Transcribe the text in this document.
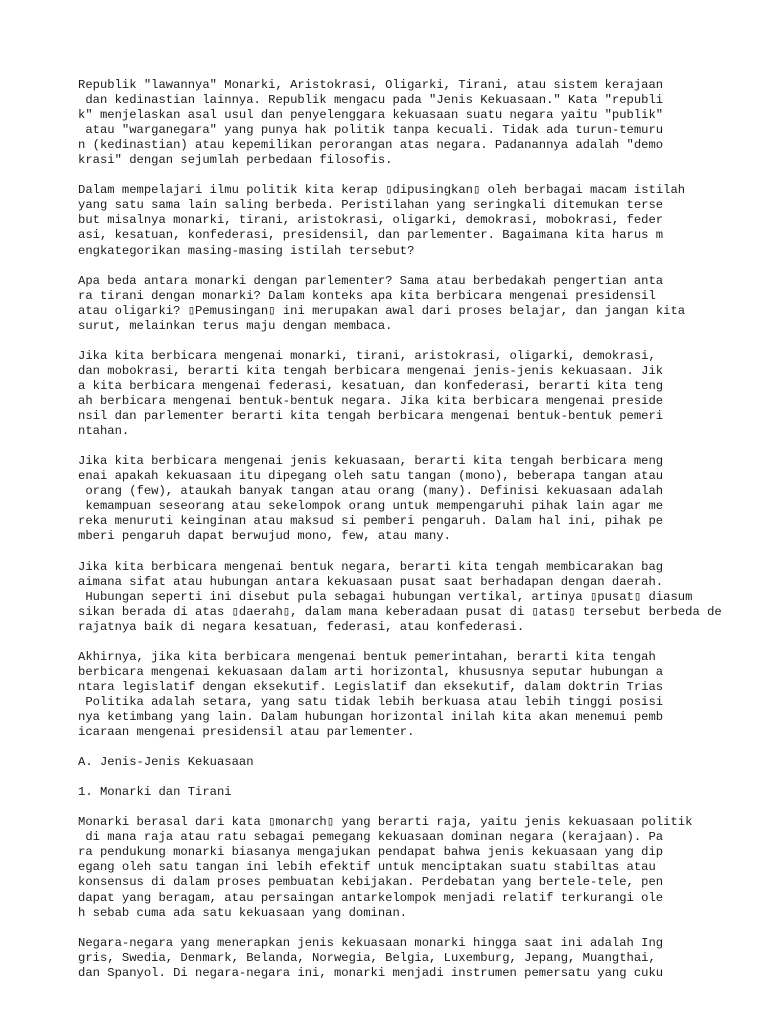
Republik "lawannya" Monarki, Aristokrasi, Oligarki, Tirani, atau sistem kerajaan
dan kedinastian lainnya. Republik mengacu pada "Jenis Kekuasaan." Kata "republi
k" menjelaskan asal usul dan penyelenggara kekuasaan suatu negara yaitu "publik"
atau "warganegara" yang punya hak politik tanpa kecuali. Tidak ada turun-temuru
n (kedinastian) atau kepemilikan perorangan atas negara. Padanannya adalah "demo
krasi" dengan sejumlah perbedaan filosofis.
Dalam mempelajari ilmu politik kita kerap ▯dipusingkan▯ oleh berbagai macam istilah
yang satu sama lain saling berbeda. Peristilahan yang seringkali ditemukan terse
but misalnya monarki, tirani, aristokrasi, oligarki, demokrasi, mobokrasi, feder
asi, kesatuan, konfederasi, presidensil, dan parlementer. Bagaimana kita harus m
engkategorikan masing-masing istilah tersebut?
Apa beda antara monarki dengan parlementer? Sama atau berbedakah pengertian anta
ra tirani dengan monarki? Dalam konteks apa kita berbicara mengenai presidensil
atau oligarki? ▯Pemusingan▯ ini merupakan awal dari proses belajar, dan jangan kita
surut, melainkan terus maju dengan membaca.
Jika kita berbicara mengenai monarki, tirani, aristokrasi, oligarki, demokrasi,
dan mobokrasi, berarti kita tengah berbicara mengenai jenis-jenis kekuasaan. Jik
a kita berbicara mengenai federasi, kesatuan, dan konfederasi, berarti kita teng
ah berbicara mengenai bentuk-bentuk negara. Jika kita berbicara mengenai preside
nsil dan parlementer berarti kita tengah berbicara mengenai bentuk-bentuk pemeri
ntahan.
Jika kita berbicara mengenai jenis kekuasaan, berarti kita tengah berbicara meng
enai apakah kekuasaan itu dipegang oleh satu tangan (mono), beberapa tangan atau
orang (few), ataukah banyak tangan atau orang (many). Definisi kekuasaan adalah
kemampuan seseorang atau sekelompok orang untuk mempengaruhi pihak lain agar me
reka menuruti keinginan atau maksud si pemberi pengaruh. Dalam hal ini, pihak pe
mberi pengaruh dapat berwujud mono, few, atau many.
Jika kita berbicara mengenai bentuk negara, berarti kita tengah membicarakan bag
aimana sifat atau hubungan antara kekuasaan pusat saat berhadapan dengan daerah.
Hubungan seperti ini disebut pula sebagai hubungan vertikal, artinya ▯pusat▯ diasum
sikan berada di atas ▯daerah▯, dalam mana keberadaan pusat di ▯atas▯ tersebut berbeda de
rajatnya baik di negara kesatuan, federasi, atau konfederasi.
Akhirnya, jika kita berbicara mengenai bentuk pemerintahan, berarti kita tengah
berbicara mengenai kekuasaan dalam arti horizontal, khususnya seputar hubungan a
ntara legislatif dengan eksekutif. Legislatif dan eksekutif, dalam doktrin Trias
Politika adalah setara, yang satu tidak lebih berkuasa atau lebih tinggi posisi
nya ketimbang yang lain. Dalam hubungan horizontal inilah kita akan menemui pemb
icaraan mengenai presidensil atau parlementer.
A. Jenis-Jenis Kekuasaan
1. Monarki dan Tirani
Monarki berasal dari kata ▯monarch▯ yang berarti raja, yaitu jenis kekuasaan politik
di mana raja atau ratu sebagai pemegang kekuasaan dominan negara (kerajaan). Pa
ra pendukung monarki biasanya mengajukan pendapat bahwa jenis kekuasaan yang dip
egang oleh satu tangan ini lebih efektif untuk menciptakan suatu stabiltas atau
konsensus di dalam proses pembuatan kebijakan. Perdebatan yang bertele-tele, pen
dapat yang beragam, atau persaingan antarkelompok menjadi relatif terkurangi ole
h sebab cuma ada satu kekuasaan yang dominan.
Negara-negara yang menerapkan jenis kekuasaan monarki hingga saat ini adalah Ing
gris, Swedia, Denmark, Belanda, Norwegia, Belgia, Luxemburg, Jepang, Muangthai,
dan Spanyol. Di negara-negara ini, monarki menjadi instrumen pemersatu yang cuku
